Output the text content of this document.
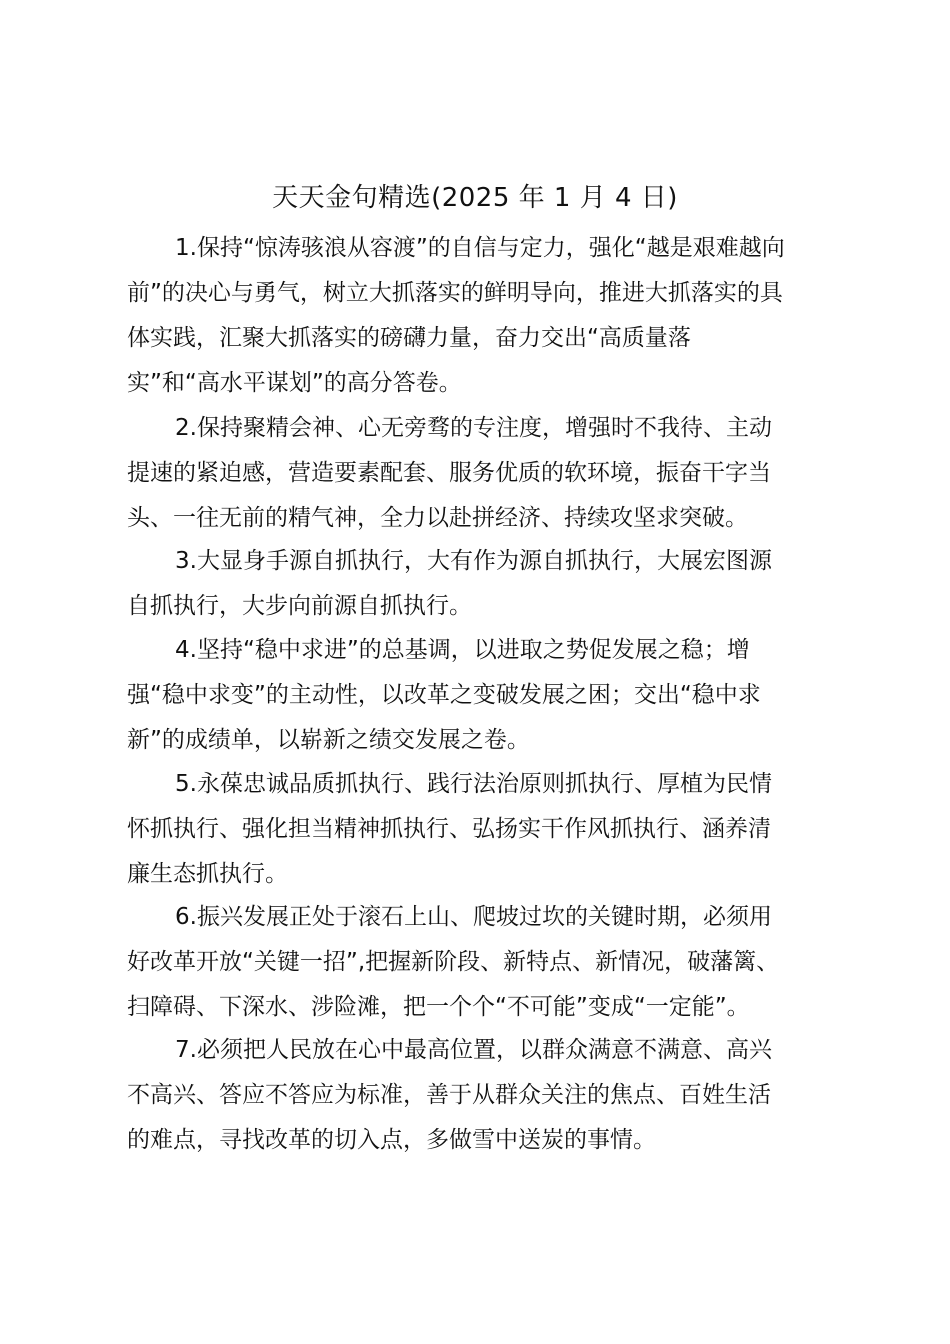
天天金句精选(2025 年 1 月 4 日)
1.保持“惊涛骇浪从容渡”的自信与定力，强化“越是艰难越向
前”的决心与勇气，树立大抓落实的鲜明导向，推进大抓落实的具
体实践，汇聚大抓落实的磅礴力量，奋力交出“高质量落
实”和“高水平谋划”的高分答卷。
2.保持聚精会神、心无旁骛的专注度，增强时不我待、主动
提速的紧迫感，营造要素配套、服务优质的软环境，振奋干字当
头、一往无前的精气神，全力以赴拼经济、持续攻坚求突破。
3.大显身手源自抓执行，大有作为源自抓执行，大展宏图源
自抓执行，大步向前源自抓执行。
4.坚持“稳中求进”的总基调，以进取之势促发展之稳；增
强“稳中求变”的主动性，以改革之变破发展之困；交出“稳中求
新”的成绩单，以崭新之绩交发展之卷。
5.永葆忠诚品质抓执行、践行法治原则抓执行、厚植为民情
怀抓执行、强化担当精神抓执行、弘扬实干作风抓执行、涵养清
廉生态抓执行。
6.振兴发展正处于滚石上山、爬坡过坎的关键时期，必须用
好改革开放“关键一招”,把握新阶段、新特点、新情况，破藩篱、
扫障碍、下深水、涉险滩，把一个个“不可能”变成“一定能”。
7.必须把人民放在心中最高位置，以群众满意不满意、高兴
不高兴、答应不答应为标准，善于从群众关注的焦点、百姓生活
的难点，寻找改革的切入点，多做雪中送炭的事情。
